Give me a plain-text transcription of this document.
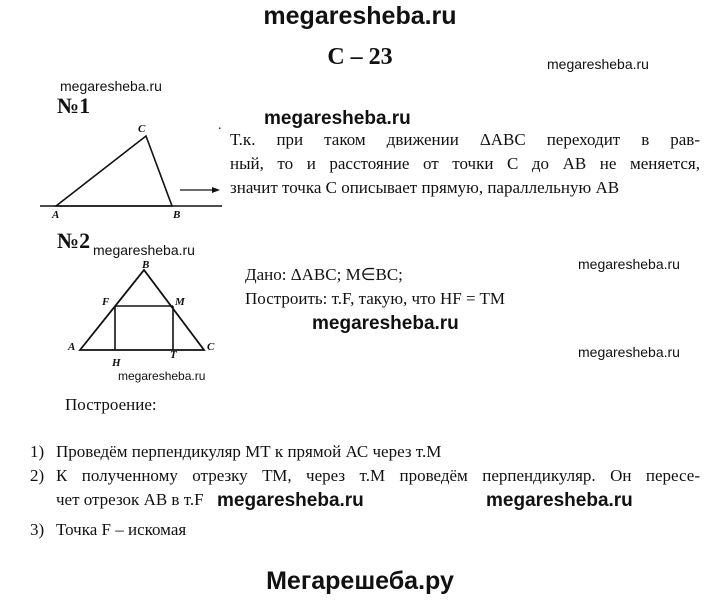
megaresheba.ru
megaresheba.ru
megaresheba.ru
megaresheba.ru
megaresheba.ru
megaresheba.ru
megaresheba.ru
megaresheba.ru
megaresheba.ru
megaresheba.ru	megaresheba.ru
C – 23
№1
A	B
C	.
Т.к. при таком движении ΔАВС переходит в рав-
ный, то и расстояние от точки С до АВ не меняется,
значит точка С описывает прямую, параллельную АВ
№2
A
B
C
F	M
H
T
Дано: ΔАВС; М∈ВС;
Построить: т.F, такую, что HF = TM
Построение:
1) Проведём перпендикуляр МТ к прямой АС через т.М
2) К полученному отрезку ТМ, через т.М проведём перпендикуляр. Он пересе-
чет отрезок АВ в т.F
3) Точка F – искомая
Мегарешеба.ру
